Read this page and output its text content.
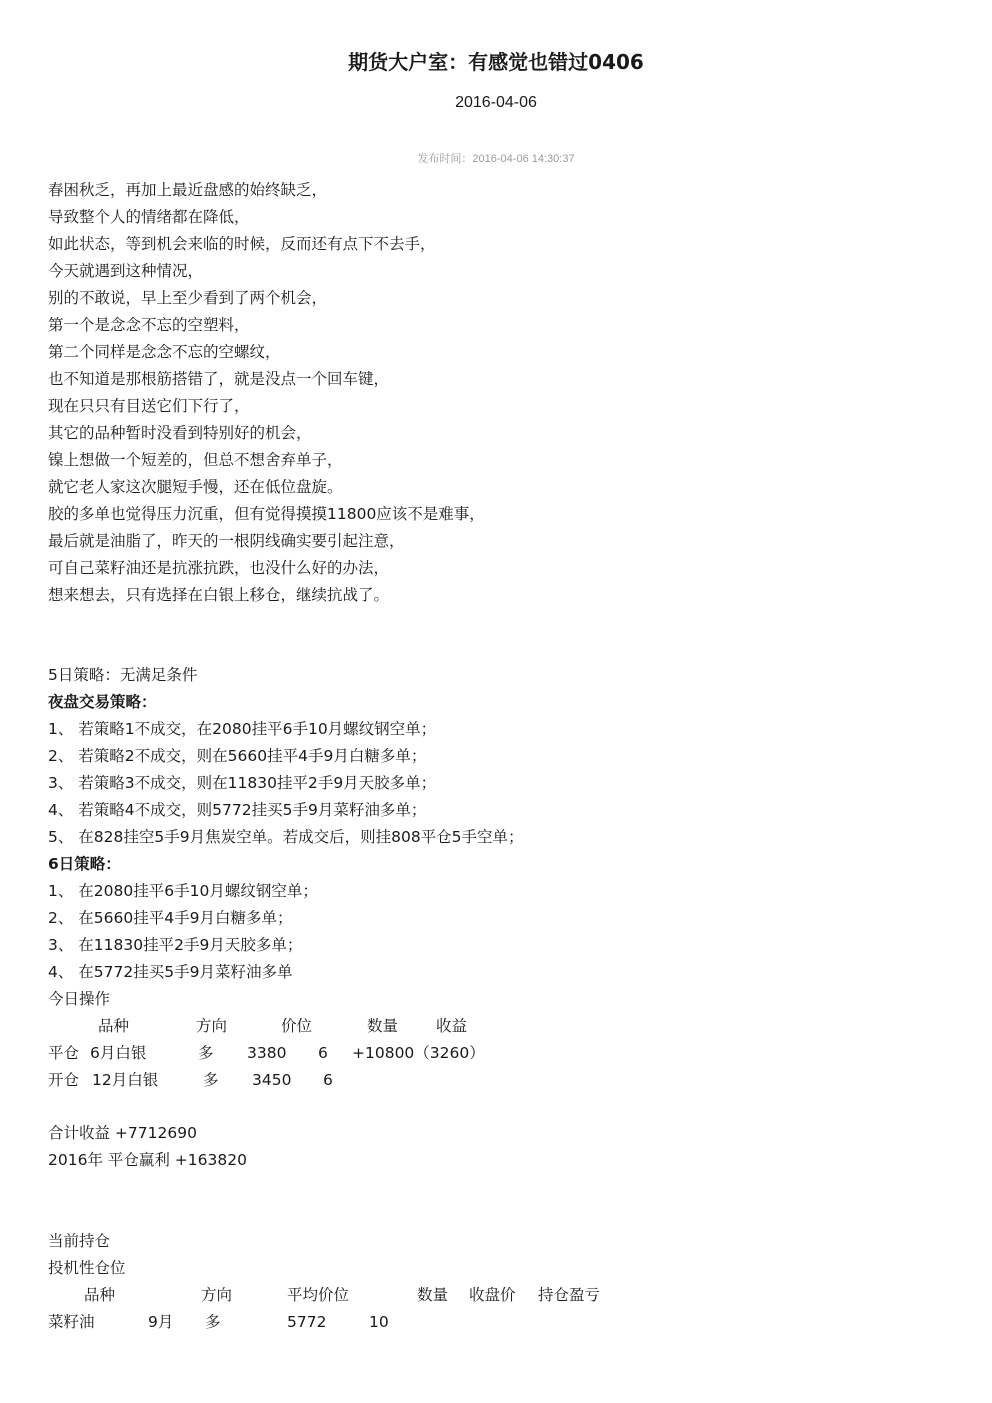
期货大户室：有感觉也错过0406
2016-04-06
发布时间：2016-04-06 14:30:37
春困秋乏，再加上最近盘感的始终缺乏，
导致整个人的情绪都在降低，
如此状态，等到机会来临的时候，反而还有点下不去手，
今天就遇到这种情况，
别的不敢说，早上至少看到了两个机会，
第一个是念念不忘的空塑料，
第二个同样是念念不忘的空螺纹，
也不知道是那根筋搭错了，就是没点一个回车键，
现在只只有目送它们下行了，
其它的品种暂时没看到特别好的机会，
镍上想做一个短差的，但总不想舍弃单子，
就它老人家这次腿短手慢，还在低位盘旋。
胶的多单也觉得压力沉重，但有觉得摸摸11800应该不是难事，
最后就是油脂了，昨天的一根阴线确实要引起注意，
可自己菜籽油还是抗涨抗跌，也没什么好的办法，
想来想去，只有选择在白银上移仓，继续抗战了。
5日策略：无满足条件
夜盘交易策略：
1、 若策略1不成交，在2080挂平6手10月螺纹钢空单；
2、 若策略2不成交，则在5660挂平4手9月白糖多单；
3、 若策略3不成交，则在11830挂平2手9月天胶多单；
4、 若策略4不成交，则5772挂买5手9月菜籽油多单；
5、 在828挂空5手9月焦炭空单。若成交后，则挂808平仓5手空单；
6日策略：
1、 在2080挂平6手10月螺纹钢空单；
2、 在5660挂平4手9月白糖多单；
3、 在11830挂平2手9月天胶多单；
4、 在5772挂买5手9月菜籽油多单
今日操作
品种	方向	价位	数量 收益
平仓 6月白银	多 3380 6 +10800（3260）
开仓 12月白银	多 3450 6
合计收益 +7712690
2016年 平仓赢利 +163820
当前持仓
投机性仓位
品种	方向	平均价位	数量 收盘价 持仓盈亏
菜籽油	9月 多	5772	10
